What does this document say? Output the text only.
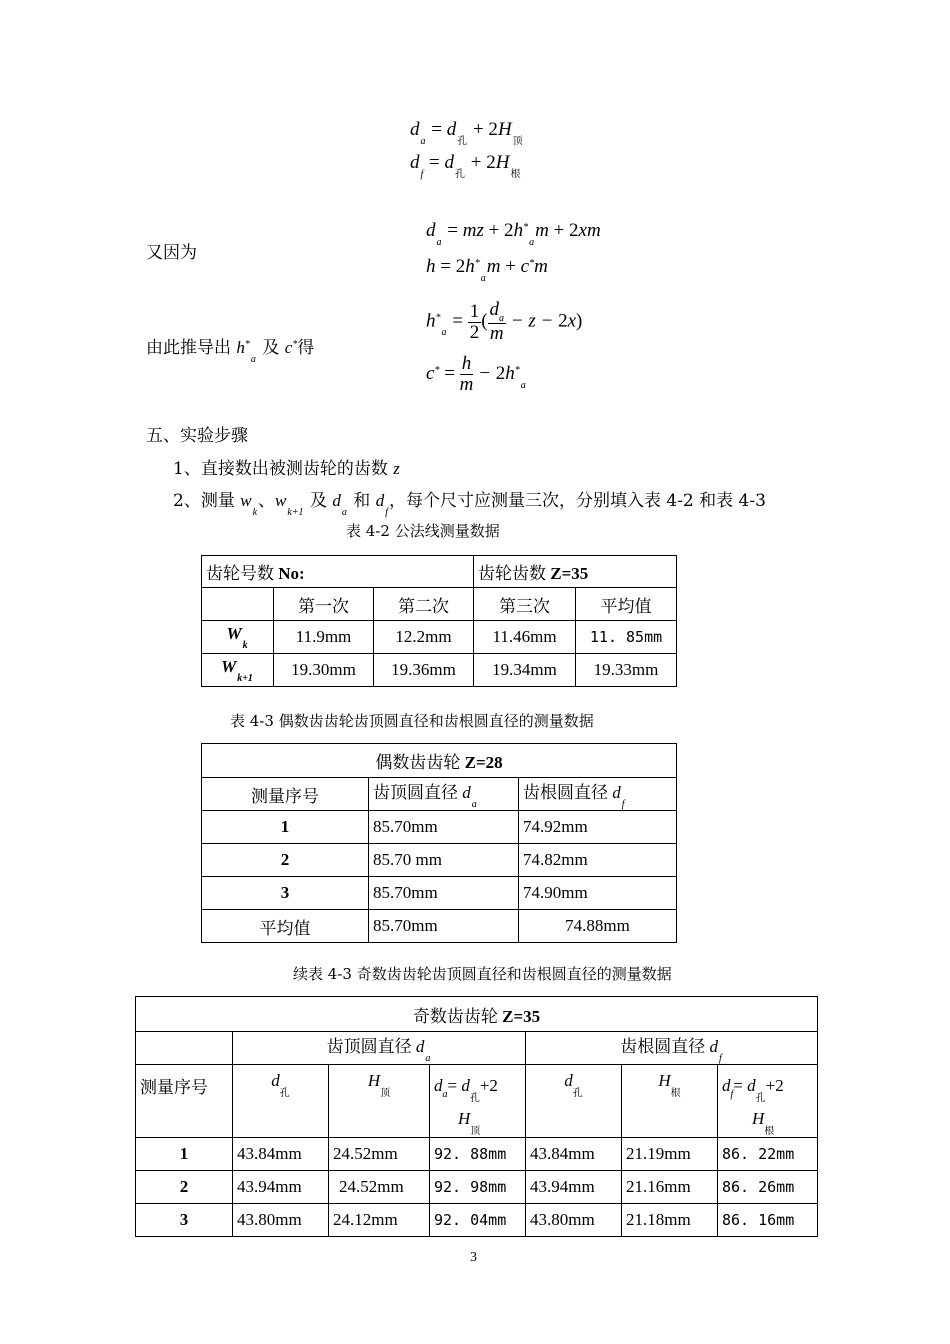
$d_a = d_孔 + 2H_顶$
$d_f = d_孔 + 2H_根$
又因为
$d_a$ = mz + $2h^*_am + 2xm$
$h = 2h^*_am + c^*m$
由此推导出 $h^*_a$ 及 c*得
$h^*_a = \frac{1}{2}$ ( $\frac{d_a}{m} - z - 2x$)
$c^* = \frac{h}{m} - 2h^*_a$
五、实验步骤
1、直接数出被测齿轮的齿数 z
2、测量 $w_k$、$w_{k+1}$ 及 $d_a$ 和 $d_f$，每个尺寸应测量三次，分别填入表 4-2 和表 4-3
表 4-2 公法线测量数据
齿轮号数 No:			齿轮齿数 Z=35	
	第一次	第二次	第三次	平均值
$W_k$	11.9mm	12.2mm	11.46mm	11. 85mm
$W_{k+1}$	19.30mm	19.36mm	19.34mm	19.33mm
表 4-3 偶数齿齿轮齿顶圆直径和齿根圆直径的测量数据
偶数齿齿轮 Z=28		
测量序号	齿顶圆直径 $d_a$	齿根圆直径 $d_f$
1	85.70mm	74.92mm
2	85.70 mm	74.82mm
3	85.70mm	74.90mm
平均值	85.70mm	74.88mm
续表 4-3 奇数齿齿轮齿顶圆直径和齿根圆直径的测量数据
奇数齿齿轮 Z=35						
	齿顶圆直径 $d_a$			齿根圆直径 $d_f$
测量序号	$d_孔$	$H_顶$	$d_a= d_孔+2$
$H_顶$	$d_孔$	$H_根$	$d_f= d_孔+2$
$H_根$
1	43.84mm	24.52mm	92. 88mm	43.84mm	21.19mm	86. 22mm
2	43.94mm	24.52mm	92. 98mm	43.94mm	21.16mm	86. 26mm
3	43.80mm	24.12mm	92. 04mm	43.80mm	21.18mm	86. 16mm
3
